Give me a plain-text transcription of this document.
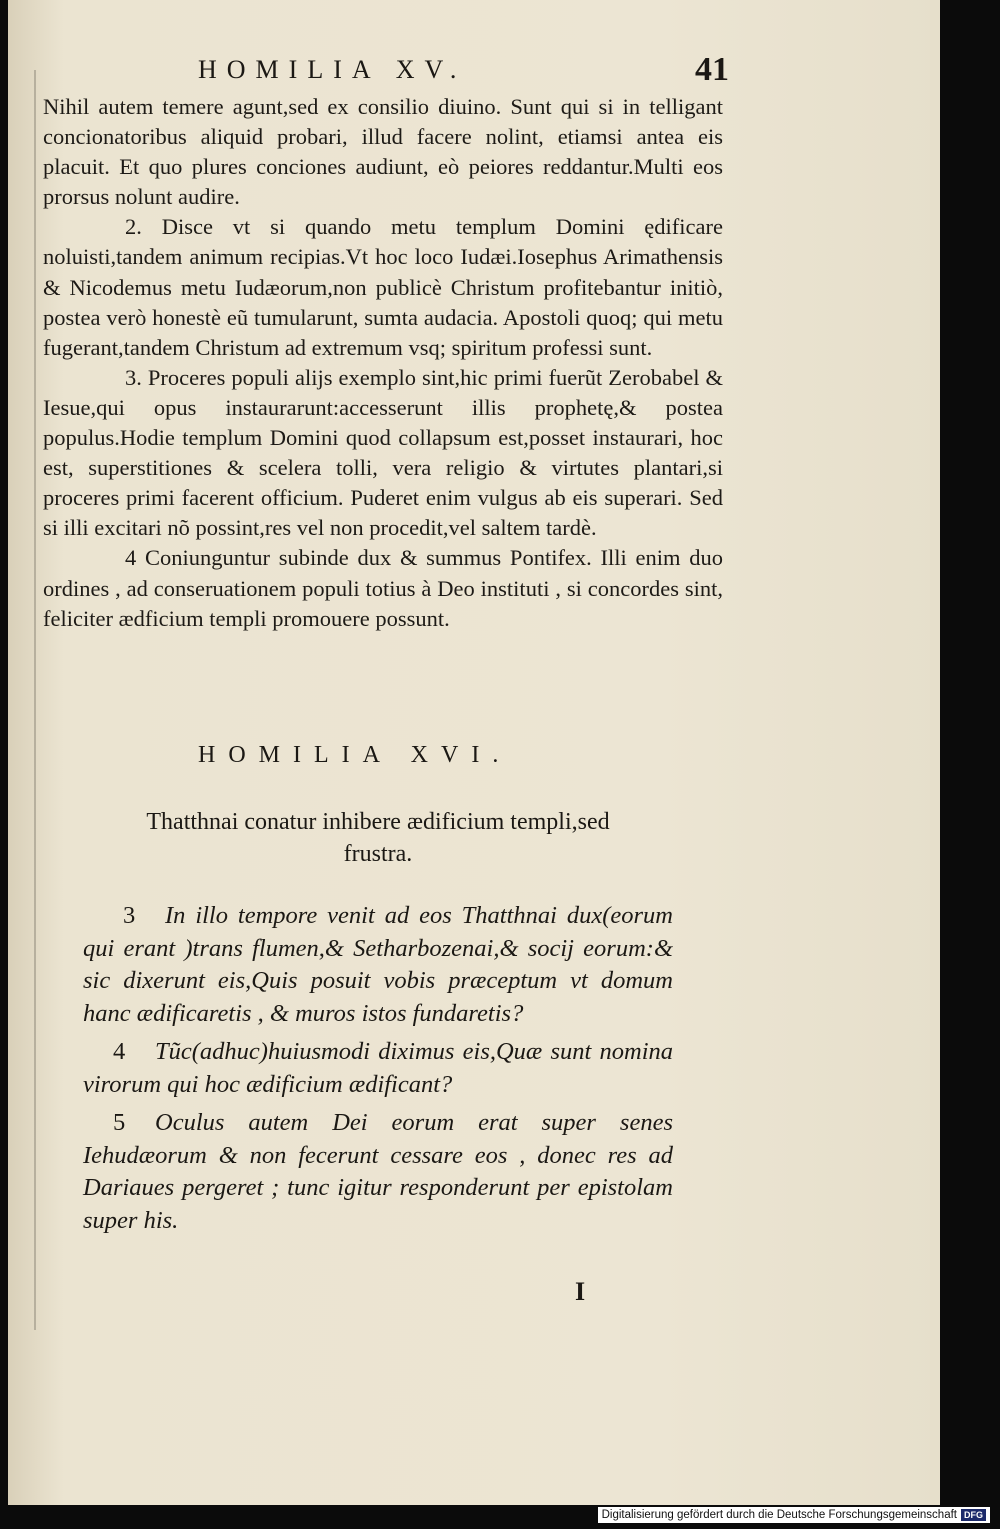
HOMILIA XV.	41

Nihil autem temere agunt,sed ex consilio diuino. Sunt qui si in telligant concionatoribus aliquid probari, illud facere nolint, etiamsi antea eis placuit. Et quo plures conciones audiunt, eò peiores reddantur.Multi eos prorsus nolunt audire.

2. Disce vt si quando metu templum Domini ędificare noluisti,tandem animum recipias.Vt hoc loco Iudæi.Iosephus Arimathensis & Nicodemus metu Iudæorum,non publicè Christum profitebantur initiò, postea verò honestè eũ tumularunt, sumta audacia. Apostoli quoq; qui metu fugerant,tandem Christum ad extremum vsq; spiritum professi sunt.

3. Proceres populi alijs exemplo sint,hic primi fuerũt Zerobabel & Iesue,qui opus instaurarunt:accesserunt illis prophetę,& postea populus.Hodie templum Domini quod collapsum est,posset instaurari, hoc est, superstitiones & scelera tolli, vera religio & virtutes plantari,si proceres primi facerent officium. Puderet enim vulgus ab eis superari. Sed si illi excitari nõ possint,res vel non procedit,vel saltem tardè.

4 Coniunguntur subinde dux & summus Pontifex. Illi enim duo ordines , ad conseruationem populi totius à Deo instituti , si concordes sint, feliciter ædficium templi promouere possunt.

HOMILIA XVI.
Thatthnai conatur inhibere ædificium templi,sed frustra.

3 In illo tempore venit ad eos Thatthnai dux(eorum qui erant )trans flumen,& Setharbozenai,& socij eorum:& sic dixerunt eis,Quis posuit vobis præceptum vt domum hanc ædificaretis , & muros istos fundaretis?

4 Tũc(adhuc)huiusmodi diximus eis,Quæ sunt nomina virorum qui hoc ædificium ædificant?

5 Oculus autem Dei eorum erat super senes Iehudæorum & non fecerunt cessare eos , donec res ad Dariaues pergeret ; tunc igitur responderunt per epistolam super his.

I
Digitalisierung gefördert durch die Deutsche Forschungsgemeinschaft DFG
